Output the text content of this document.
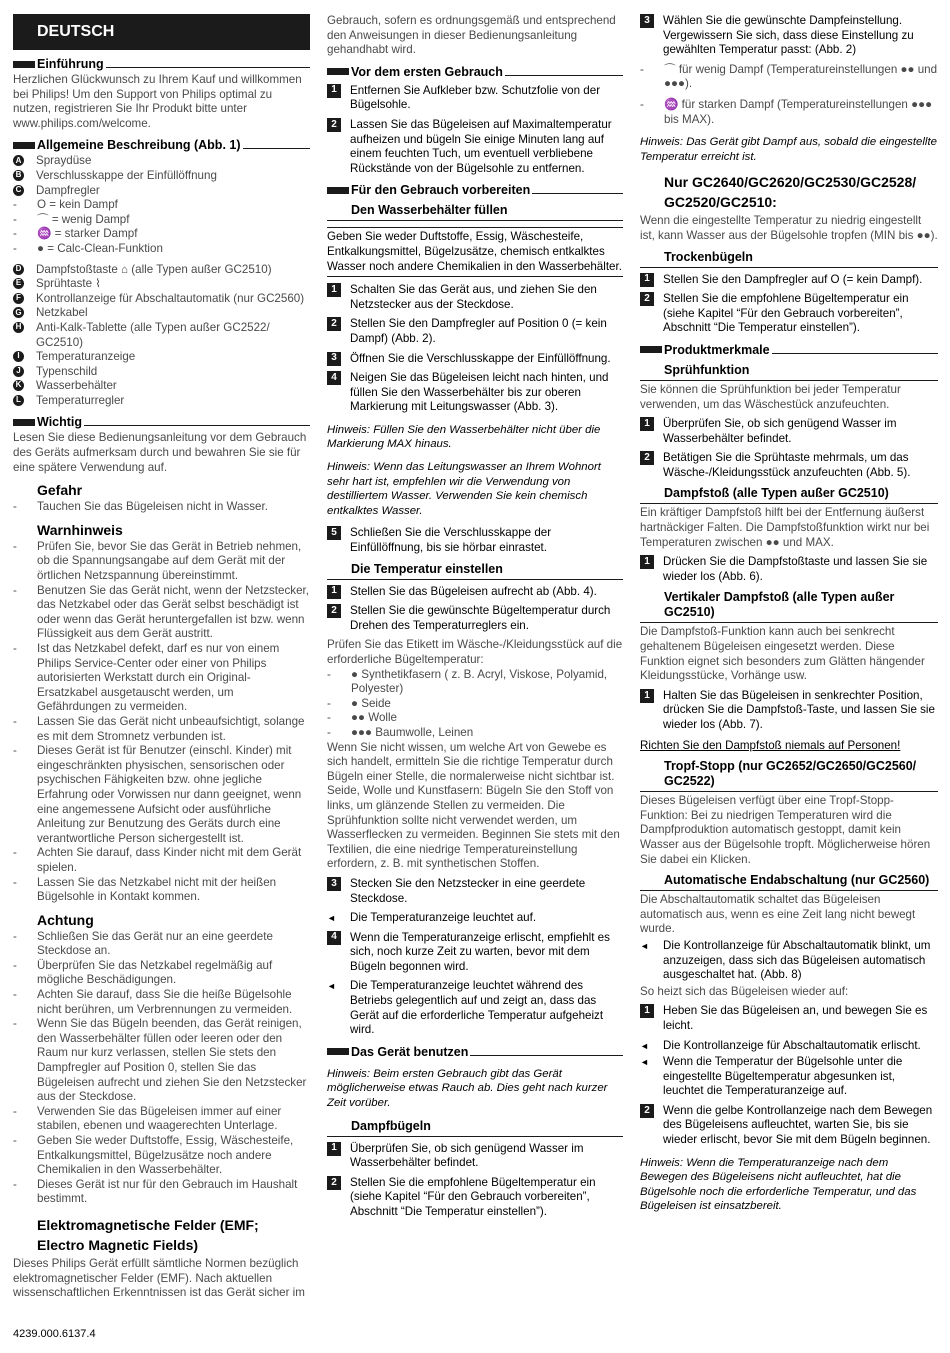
DEUTSCH
Einführung

Herzlichen Glückwunsch zu Ihrem Kauf und willkommen bei Philips! Um den Support von Philips optimal zu nutzen, registrieren Sie Ihr Produkt bitte unter www.philips.com/welcome.

Allgemeine Beschreibung (Abb. 1)
A Spraydüse
B Verschlusskappe der Einfüllöffnung
C Dampfregler
-	O = kein Dampf
-	⌒ = wenig Dampf
-	♒ = starker Dampf
-	● = Calc-Clean-Funktion
D Dampfstoßtaste ⌂ (alle Typen außer GC2510)
E Sprühtaste ⌇
F Kontrollanzeige für Abschaltautomatik (nur GC2560)
G Netzkabel
H Anti-Kalk-Tablette (alle Typen außer GC2522/ GC2510)
I	Temperaturanzeige
J Typenschild
K Wasserbehälter
L Temperaturregler
Wichtig

Lesen Sie diese Bedienungsanleitung vor dem Gebrauch des Geräts aufmerksam durch und bewahren Sie sie für eine spätere Verwendung auf.

Gefahr
-	Tauchen Sie das Bügeleisen nicht in Wasser.
Warnhinweis
-	Prüfen Sie, bevor Sie das Gerät in Betrieb nehmen, ob die Spannungsangabe auf dem Gerät mit der örtlichen Netzspannung übereinstimmt.
-	Benutzen Sie das Gerät nicht, wenn der Netzstecker, das Netzkabel oder das Gerät selbst beschädigt ist oder wenn das Gerät heruntergefallen ist bzw. wenn Flüssigkeit aus dem Gerät austritt.
-	Ist das Netzkabel defekt, darf es nur von einem Philips Service-Center oder einer von Philips autorisierten Werkstatt durch ein Original-Ersatzkabel ausgetauscht werden, um Gefährdungen zu vermeiden.
-	Lassen Sie das Gerät nicht unbeaufsichtigt, solange es mit dem Stromnetz verbunden ist.
-	Dieses Gerät ist für Benutzer (einschl. Kinder) mit eingeschränkten physischen, sensorischen oder psychischen Fähigkeiten bzw. ohne jegliche Erfahrung oder Vorwissen nur dann geeignet, wenn eine angemessene Aufsicht oder ausführliche Anleitung zur Benutzung des Geräts durch eine verantwortliche Person sichergestellt ist.
-	Achten Sie darauf, dass Kinder nicht mit dem Gerät spielen.
-	Lassen Sie das Netzkabel nicht mit der heißen Bügelsohle in Kontakt kommen.
Achtung
-	Schließen Sie das Gerät nur an eine geerdete Steckdose an.
-	Überprüfen Sie das Netzkabel regelmäßig auf mögliche Beschädigungen.
-	Achten Sie darauf, dass Sie die heiße Bügelsohle nicht berühren, um Verbrennungen zu vermeiden.
-	Wenn Sie das Bügeln beenden, das Gerät reinigen, den Wasserbehälter füllen oder leeren oder den Raum nur kurz verlassen, stellen Sie stets den Dampfregler auf Position 0, stellen Sie das Bügeleisen aufrecht und ziehen Sie den Netzstecker aus der Steckdose.
-	Verwenden Sie das Bügeleisen immer auf einer stabilen, ebenen und waagerechten Unterlage.
-	Geben Sie weder Duftstoffe, Essig, Wäschesteife, Entkalkungsmittel, Bügelzusätze noch andere Chemikalien in den Wasserbehälter.
-	Dieses Gerät ist nur für den Gebrauch im Haushalt bestimmt.
Elektromagnetische Felder (EMF; Electro Magnetic Fields)

Dieses Philips Gerät erfüllt sämtliche Normen bezüglich elektromagnetischer Felder (EMF). Nach aktuellen wissenschaftlichen Erkenntnissen ist das Gerät sicher im

Gebrauch, sofern es ordnungsgemäß und entsprechend den Anweisungen in dieser Bedienungsanleitung gehandhabt wird.

Vor dem ersten Gebrauch
1	Entfernen Sie Aufkleber bzw. Schutzfolie von der Bügelsohle.
2	Lassen Sie das Bügeleisen auf Maximaltemperatur aufheizen und bügeln Sie einige Minuten lang auf einem feuchten Tuch, um eventuell verbliebene Rückstände von der Bügelsohle zu entfernen.
Für den Gebrauch vorbereiten
Den Wasserbehälter füllen
Geben Sie weder Duftstoffe, Essig, Wäschesteife, Entkalkungsmittel, Bügelzusätze, chemisch entkalktes Wasser noch andere Chemikalien in den Wasserbehälter.
1	Schalten Sie das Gerät aus, und ziehen Sie den Netzstecker aus der Steckdose.
2	Stellen Sie den Dampfregler auf Position 0 (= kein Dampf) (Abb. 2).
3	Öffnen Sie die Verschlusskappe der Einfüllöffnung.
4	Neigen Sie das Bügeleisen leicht nach hinten, und füllen Sie den Wasserbehälter bis zur oberen Markierung mit Leitungswasser (Abb. 3).
Hinweis: Füllen Sie den Wasserbehälter nicht über die Markierung MAX hinaus.
Hinweis: Wenn das Leitungswasser an Ihrem Wohnort sehr hart ist, empfehlen wir die Verwendung von destilliertem Wasser. Verwenden Sie kein chemisch entkalktes Wasser.
5	Schließen Sie die Verschlusskappe der Einfüllöffnung, bis sie hörbar einrastet.
Die Temperatur einstellen
1	Stellen Sie das Bügeleisen aufrecht ab (Abb. 4).
2	Stellen Sie die gewünschte Bügeltemperatur durch Drehen des Temperaturreglers ein.

Prüfen Sie das Etikett im Wäsche-/Kleidungsstück auf die erforderliche Bügeltemperatur:

-	● Synthetikfasern ( z. B. Acryl, Viskose, Polyamid, Polyester)
-	● Seide
-	●● Wolle
-	●●● Baumwolle, Leinen

Wenn Sie nicht wissen, um welche Art von Gewebe es sich handelt, ermitteln Sie die richtige Temperatur durch Bügeln einer Stelle, die normalerweise nicht sichtbar ist. Seide, Wolle und Kunstfasern: Bügeln Sie den Stoff von links, um glänzende Stellen zu vermeiden. Die Sprühfunktion sollte nicht verwendet werden, um Wasserflecken zu vermeiden. Beginnen Sie stets mit den Textilien, die eine niedrige Temperatureinstellung erfordern, z. B. mit synthetischen Stoffen.

3	Stecken Sie den Netzstecker in eine geerdete Steckdose.
◄	Die Temperaturanzeige leuchtet auf.
4	Wenn die Temperaturanzeige erlischt, empfiehlt es sich, noch kurze Zeit zu warten, bevor mit dem Bügeln begonnen wird.
◄	Die Temperaturanzeige leuchtet während des Betriebs gelegentlich auf und zeigt an, dass das Gerät auf die erforderliche Temperatur aufgeheizt wird.
Das Gerät benutzen
Hinweis: Beim ersten Gebrauch gibt das Gerät möglicherweise etwas Rauch ab. Dies geht nach kurzer Zeit vorüber.
Dampfbügeln
1	Überprüfen Sie, ob sich genügend Wasser im Wasserbehälter befindet.
2	Stellen Sie die empfohlene Bügeltemperatur ein (siehe Kapitel “Für den Gebrauch vorbereiten”, Abschnitt “Die Temperatur einstellen”).
3	Wählen Sie die gewünschte Dampfeinstellung. Vergewissern Sie sich, dass diese Einstellung zu gewählten Temperatur passt: (Abb. 2)
-	⌒ für wenig Dampf (Temperatureinstellungen ●● und ●●●).
-	♒ für starken Dampf (Temperatureinstellungen ●●● bis MAX).
Hinweis: Das Gerät gibt Dampf aus, sobald die eingestellte Temperatur erreicht ist.
Nur GC2640/GC2620/GC2530/GC2528/ GC2520/GC2510:

Wenn die eingestellte Temperatur zu niedrig eingestellt ist, kann Wasser aus der Bügelsohle tropfen (MIN bis ●●).

Trockenbügeln
1	Stellen Sie den Dampfregler auf O (= kein Dampf).
2	Stellen Sie die empfohlene Bügeltemperatur ein (siehe Kapitel “Für den Gebrauch vorbereiten”, Abschnitt “Die Temperatur einstellen”).
Produktmerkmale
Sprühfunktion

Sie können die Sprühfunktion bei jeder Temperatur verwenden, um das Wäschestück anzufeuchten.

1	Überprüfen Sie, ob sich genügend Wasser im Wasserbehälter befindet.
2	Betätigen Sie die Sprühtaste mehrmals, um das Wäsche-/Kleidungsstück anzufeuchten (Abb. 5).
Dampfstoß (alle Typen außer GC2510)

Ein kräftiger Dampfstoß hilft bei der Entfernung äußerst hartnäckiger Falten. Die Dampfstoßfunktion wirkt nur bei Temperaturen zwischen ●● und MAX.

1	Drücken Sie die Dampfstoßtaste und lassen Sie sie wieder los (Abb. 6).
Vertikaler Dampfstoß (alle Typen außer GC2510)

Die Dampfstoß-Funktion kann auch bei senkrecht gehaltenem Bügeleisen eingesetzt werden. Diese Funktion eignet sich besonders zum Glätten hängender Kleidungsstücke, Vorhänge usw.

1	Halten Sie das Bügeleisen in senkrechter Position, drücken Sie die Dampfstoß-Taste, und lassen Sie sie wieder los (Abb. 7).
Richten Sie den Dampfstoß niemals auf Personen!
Tropf-Stopp (nur GC2652/GC2650/GC2560/ GC2522)

Dieses Bügeleisen verfügt über eine Tropf-Stopp-Funktion: Bei zu niedrigen Temperaturen wird die Dampfproduktion automatisch gestoppt, damit kein Wasser aus der Bügelsohle tropft. Möglicherweise hören Sie dabei ein Klicken.

Automatische Endabschaltung (nur GC2560)

Die Abschaltautomatik schaltet das Bügeleisen automatisch aus, wenn es eine Zeit lang nicht bewegt wurde.

◄	Die Kontrollanzeige für Abschaltautomatik blinkt, um anzuzeigen, dass sich das Bügeleisen automatisch ausgeschaltet hat. (Abb. 8)

So heizt sich das Bügeleisen wieder auf:

1	Heben Sie das Bügeleisen an, und bewegen Sie es leicht.
◄	Die Kontrollanzeige für Abschaltautomatik erlischt.
◄	Wenn die Temperatur der Bügelsohle unter die eingestellte Bügeltemperatur abgesunken ist, leuchtet die Temperaturanzeige auf.
2	Wenn die gelbe Kontrollanzeige nach dem Bewegen des Bügeleisens aufleuchtet, warten Sie, bis sie wieder erlischt, bevor Sie mit dem Bügeln beginnen.
Hinweis: Wenn die Temperaturanzeige nach dem Bewegen des Bügeleisens nicht aufleuchtet, hat die Bügelsohle noch die erforderliche Temperatur, und das Bügeleisen ist einsatzbereit.
4239.000.6137.4
